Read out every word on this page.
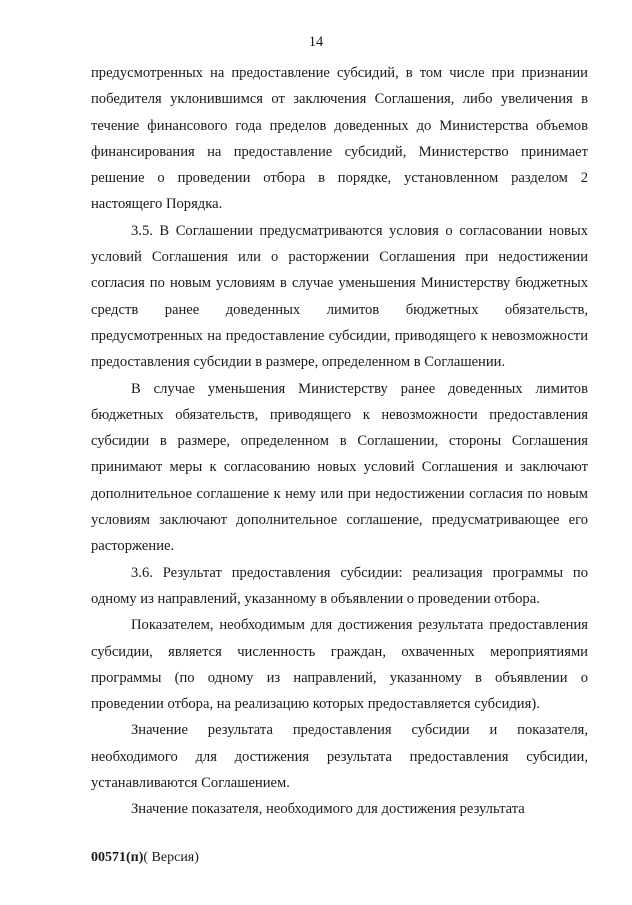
14

предусмотренных на предоставление субсидий, в том числе при признании победителя уклонившимся от заключения Соглашения, либо увеличения в течение финансового года пределов доведенных до Министерства объемов финансирования на предоставление субсидий, Министерство принимает решение о проведении отбора в порядке, установленном разделом 2 настоящего Порядка.

3.5. В Соглашении предусматриваются условия о согласовании новых условий Соглашения или о расторжении Соглашения при недостижении согласия по новым условиям в случае уменьшения Министерству бюджетных средств ранее доведенных лимитов бюджетных обязательств, предусмотренных на предоставление субсидии, приводящего к невозможности предоставления субсидии в размере, определенном в Соглашении.

В случае уменьшения Министерству ранее доведенных лимитов бюджетных обязательств, приводящего к невозможности предоставления субсидии в размере, определенном в Соглашении, стороны Соглашения принимают меры к согласованию новых условий Соглашения и заключают дополнительное соглашение к нему или при недостижении согласия по новым условиям заключают дополнительное соглашение, предусматривающее его расторжение.

3.6. Результат предоставления субсидии: реализация программы по одному из направлений, указанному в объявлении о проведении отбора.

Показателем, необходимым для достижения результата предоставления субсидии, является численность граждан, охваченных мероприятиями программы (по одному из направлений, указанному в объявлении о проведении отбора, на реализацию которых предоставляется субсидия).

Значение результата предоставления субсидии и показателя, необходимого для достижения результата предоставления субсидии, устанавливаются Соглашением.

Значение показателя, необходимого для достижения результата

00571(п)( Версия)
